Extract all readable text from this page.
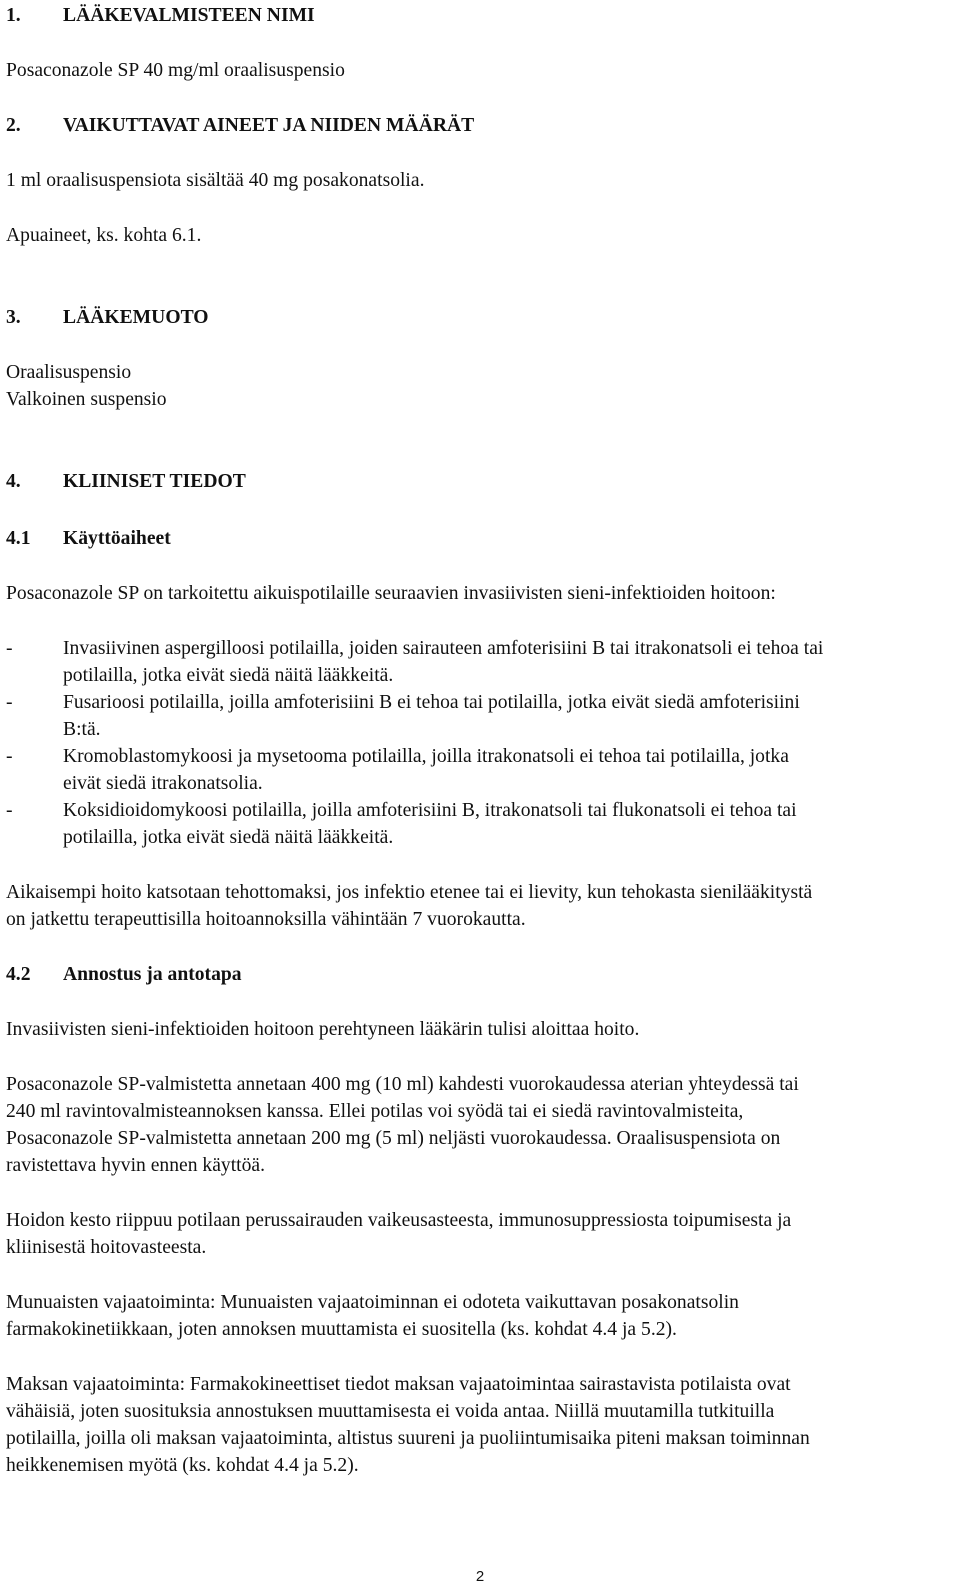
1. LÄÄKEVALMISTEEN NIMI
Posaconazole SP 40 mg/ml oraalisuspensio
2. VAIKUTTAVAT AINEET JA NIIDEN MÄÄRÄT
1 ml oraalisuspensiota sisältää 40 mg posakonatsolia.
Apuaineet, ks. kohta 6.1.
3. LÄÄKEMUOTO
Oraalisuspensio
Valkoinen suspensio
4. KLIINISET TIEDOT
4.1 Käyttöaiheet
Posaconazole SP on tarkoitettu aikuispotilaille seuraavien invasiivisten sieni-infektioiden hoitoon:
-	Invasiivinen aspergilloosi potilailla, joiden sairauteen amfoterisiini B tai itrakonatsoli ei tehoa tai
potilailla, jotka eivät siedä näitä lääkkeitä.
-	Fusarioosi potilailla, joilla amfoterisiini B ei tehoa tai potilailla, jotka eivät siedä amfoterisiini
B:tä.
-	Kromoblastomykoosi ja mysetooma potilailla, joilla itrakonatsoli ei tehoa tai potilailla, jotka
eivät siedä itrakonatsolia.
-	Koksidioidomykoosi potilailla, joilla amfoterisiini B, itrakonatsoli tai flukonatsoli ei tehoa tai
potilailla, jotka eivät siedä näitä lääkkeitä.
Aikaisempi hoito katsotaan tehottomaksi, jos infektio etenee tai ei lievity, kun tehokasta sienilääkitystä
on jatkettu terapeuttisilla hoitoannoksilla vähintään 7 vuorokautta.
4.2 Annostus ja antotapa
Invasiivisten sieni-infektioiden hoitoon perehtyneen lääkärin tulisi aloittaa hoito.
Posaconazole SP-valmistetta annetaan 400 mg (10 ml) kahdesti vuorokaudessa aterian yhteydessä tai
240 ml ravintovalmisteannoksen kanssa. Ellei potilas voi syödä tai ei siedä ravintovalmisteita,
Posaconazole SP-valmistetta annetaan 200 mg (5 ml) neljästi vuorokaudessa. Oraalisuspensiota on
ravistettava hyvin ennen käyttöä.
Hoidon kesto riippuu potilaan perussairauden vaikeusasteesta, immunosuppressiosta toipumisesta ja
kliinisestä hoitovasteesta.
Munuaisten vajaatoiminta: Munuaisten vajaatoiminnan ei odoteta vaikuttavan posakonatsolin
farmakokinetiikkaan, joten annoksen muuttamista ei suositella (ks. kohdat 4.4 ja 5.2).
Maksan vajaatoiminta: Farmakokineettiset tiedot maksan vajaatoimintaa sairastavista potilaista ovat
vähäisiä, joten suosituksia annostuksen muuttamisesta ei voida antaa. Niillä muutamilla tutkituilla
potilailla, joilla oli maksan vajaatoiminta, altistus suureni ja puoliintumisaika piteni maksan toiminnan
heikkenemisen myötä (ks. kohdat 4.4 ja 5.2).
2
